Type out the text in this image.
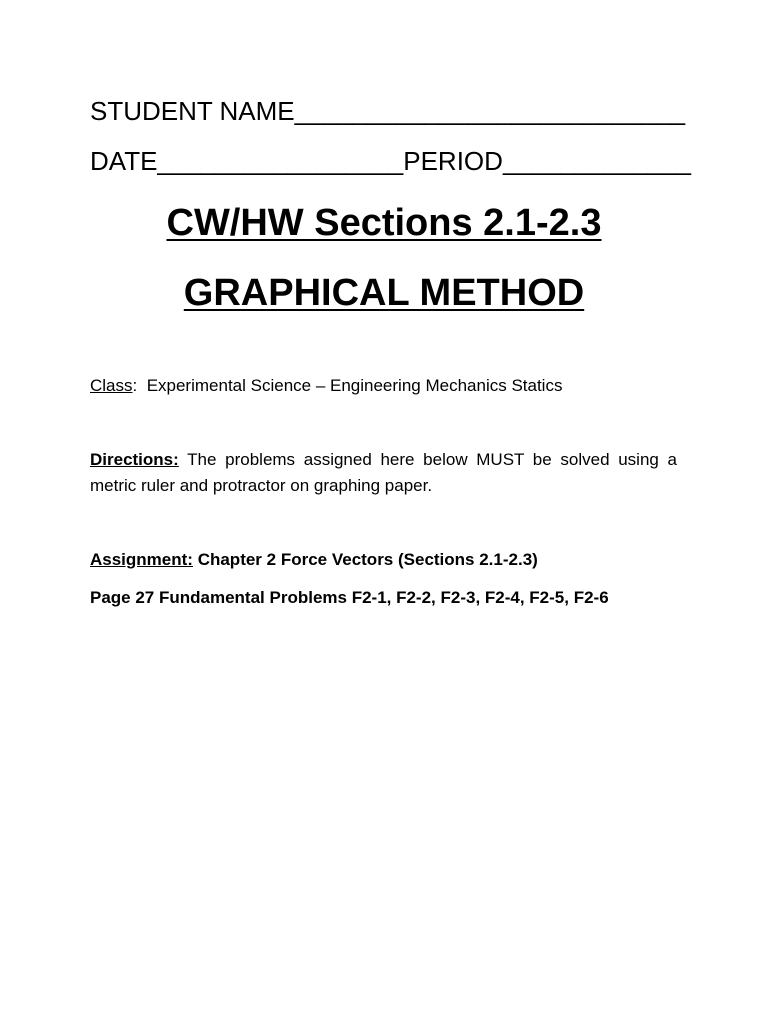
STUDENT NAME___________________________
DATE_________________PERIOD_____________
CW/HW Sections 2.1-2.3
GRAPHICAL METHOD
Class:  Experimental Science – Engineering Mechanics Statics
Directions: The problems assigned here below MUST be solved using a metric ruler and protractor on graphing paper.
Assignment: Chapter 2 Force Vectors (Sections 2.1-2.3)
Page 27 Fundamental Problems F2-1, F2-2, F2-3, F2-4, F2-5, F2-6
